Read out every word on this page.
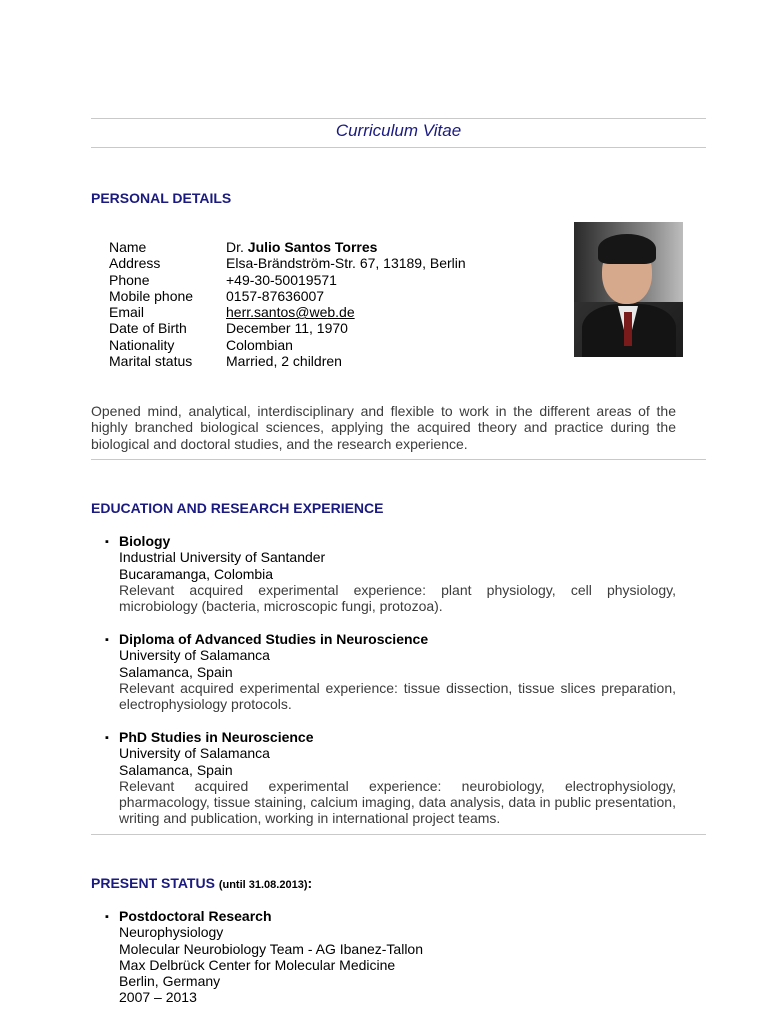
Curriculum Vitae
PERSONAL DETAILS
Name	Dr. Julio Santos Torres
Address	Elsa-Brändström-Str. 67, 13189, Berlin
Phone	+49-30-50019571
Mobile phone	0157-87636007
Email	herr.santos@web.de
Date of Birth	December 11, 1970
Nationality	Colombian
Marital status	Married, 2 children
Opened mind, analytical, interdisciplinary and flexible to work in the different areas of the highly branched biological sciences, applying the acquired theory and practice during the biological and doctoral studies, and the research experience.
EDUCATION AND RESEARCH EXPERIENCE
▪ Biology
Industrial University of Santander
Bucaramanga, Colombia
Relevant acquired experimental experience: plant physiology, cell physiology, microbiology (bacteria, microscopic fungi, protozoa).
▪ Diploma of Advanced Studies in Neuroscience
University of Salamanca
Salamanca, Spain
Relevant acquired experimental experience: tissue dissection, tissue slices preparation, electrophysiology protocols.
▪ PhD Studies in Neuroscience
University of Salamanca
Salamanca, Spain
Relevant acquired experimental experience: neurobiology, electrophysiology, pharmacology, tissue staining, calcium imaging, data analysis, data in public presentation, writing and publication, working in international project teams.
PRESENT STATUS (until 31.08.2013):
▪ Postdoctoral Research
Neurophysiology
Molecular Neurobiology Team - AG Ibanez-Tallon
Max Delbrück Center for Molecular Medicine
Berlin, Germany
2007 – 2013
